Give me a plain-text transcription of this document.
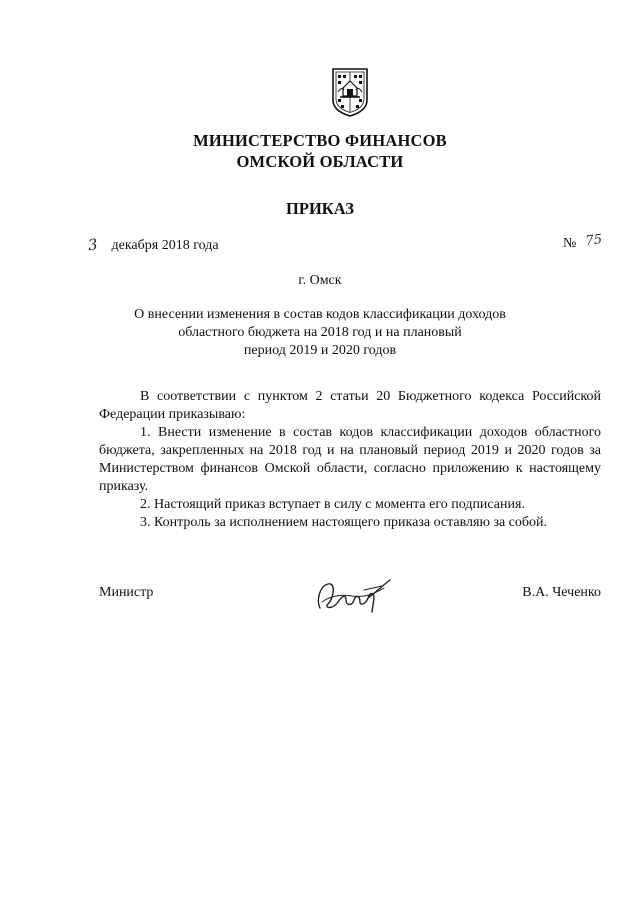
МИНИСТЕРСТВО ФИНАНСОВ
ОМСКОЙ ОБЛАСТИ
ПРИКАЗ
3 декабря 2018 года	№ 75
г. Омск
О внесении изменения в состав кодов классификации доходов
областного бюджета на 2018 год и на плановый
период 2019 и 2020 годов

В соответствии с пунктом 2 статьи 20 Бюджетного кодекса Российской Федерации приказываю:

1. Внести изменение в состав кодов классификации доходов областного бюджета, закрепленных на 2018 год и на плановый период 2019 и 2020 годов за Министерством финансов Омской области, согласно приложению к настоящему приказу.

2. Настоящий приказ вступает в силу с момента его подписания.

3. Контроль за исполнением настоящего приказа оставляю за собой.

Министр	В.А. Чеченко
